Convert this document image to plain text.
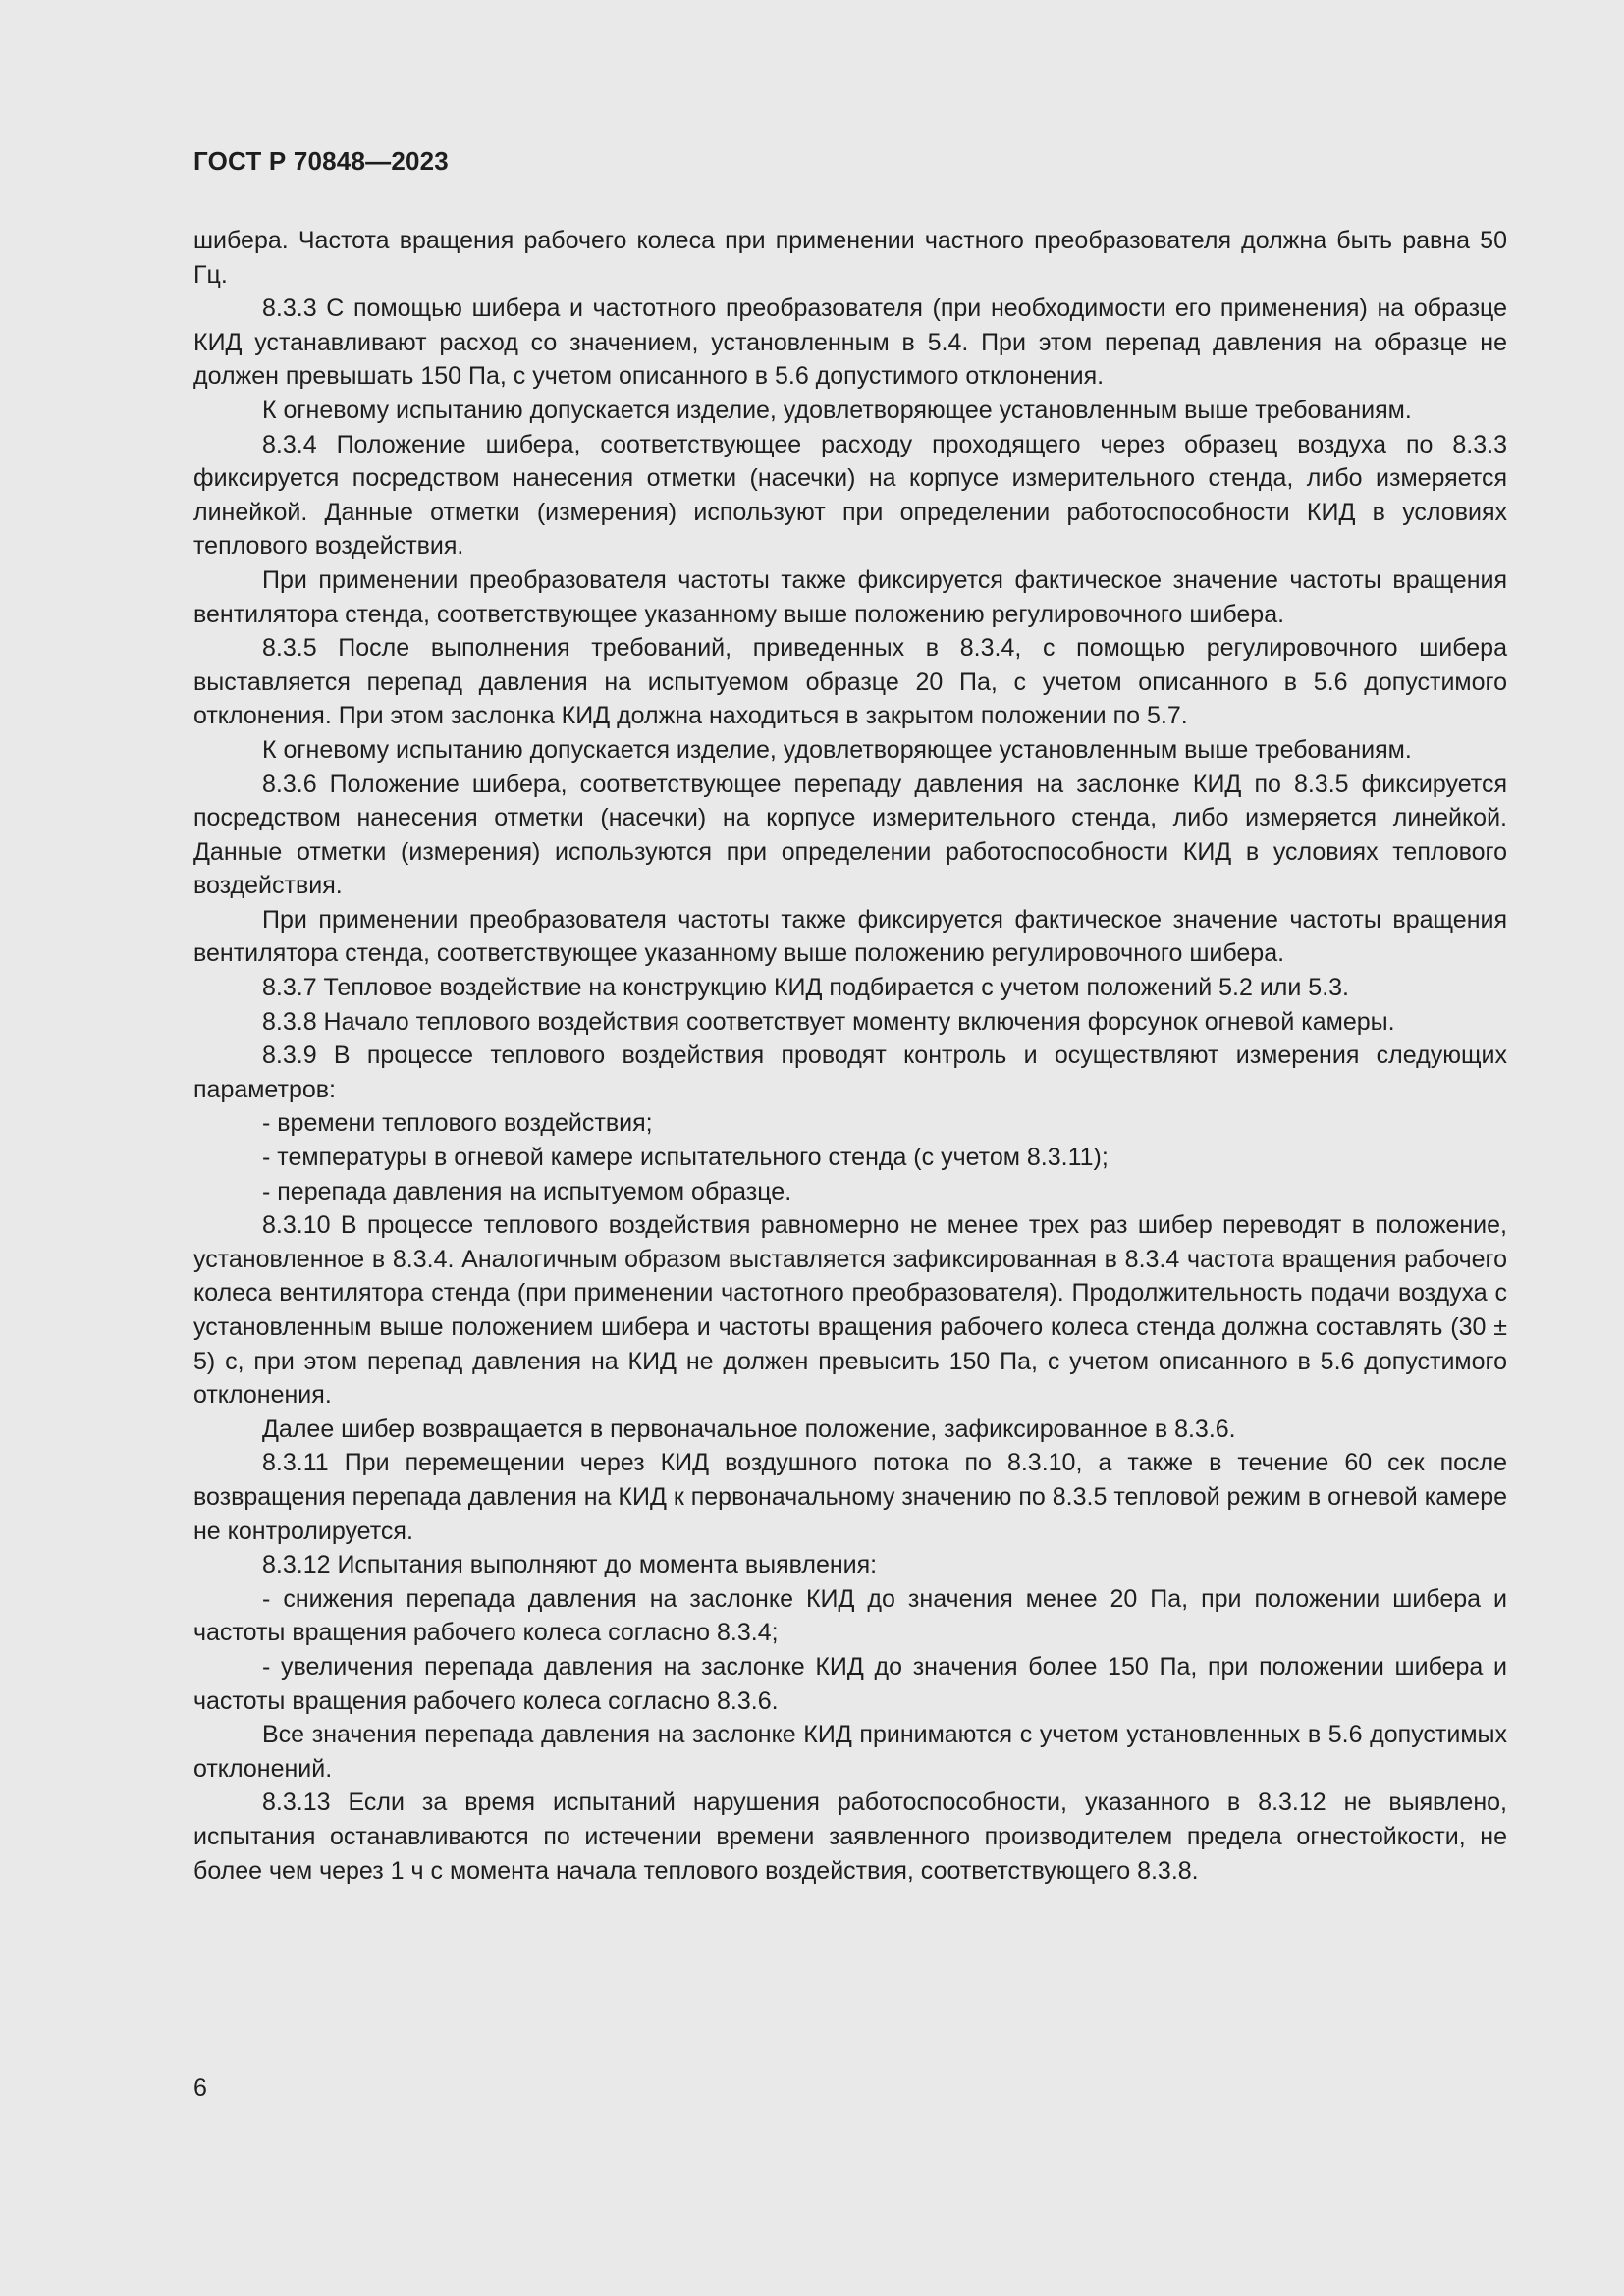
ГОСТ Р 70848—2023

шибера. Частота вращения рабочего колеса при применении частного преобразователя должна быть равна 50 Гц.

8.3.3 С помощью шибера и частотного преобразователя (при необходимости его применения) на образце КИД устанавливают расход со значением, установленным в 5.4. При этом перепад давления на образце не должен превышать 150 Па, с учетом описанного в 5.6 допустимого отклонения.

К огневому испытанию допускается изделие, удовлетворяющее установленным выше требованиям.

8.3.4 Положение шибера, соответствующее расходу проходящего через образец воздуха по 8.3.3 фиксируется посредством нанесения отметки (насечки) на корпусе измерительного стенда, либо измеряется линейкой. Данные отметки (измерения) используют при определении работоспособности КИД в условиях теплового воздействия.

При применении преобразователя частоты также фиксируется фактическое значение частоты вращения вентилятора стенда, соответствующее указанному выше положению регулировочного шибера.

8.3.5 После выполнения требований, приведенных в 8.3.4, с помощью регулировочного шибера выставляется перепад давления на испытуемом образце 20 Па, с учетом описанного в 5.6 допустимого отклонения. При этом заслонка КИД должна находиться в закрытом положении по 5.7.

К огневому испытанию допускается изделие, удовлетворяющее установленным выше требованиям.

8.3.6 Положение шибера, соответствующее перепаду давления на заслонке КИД по 8.3.5 фиксируется посредством нанесения отметки (насечки) на корпусе измерительного стенда, либо измеряется линейкой. Данные отметки (измерения) используются при определении работоспособности КИД в условиях теплового воздействия.

При применении преобразователя частоты также фиксируется фактическое значение частоты вращения вентилятора стенда, соответствующее указанному выше положению регулировочного шибера.

8.3.7 Тепловое воздействие на конструкцию КИД подбирается с учетом положений 5.2 или 5.3.

8.3.8 Начало теплового воздействия соответствует моменту включения форсунок огневой камеры.

8.3.9 В процессе теплового воздействия проводят контроль и осуществляют измерения следующих параметров:

- времени теплового воздействия;

- температуры в огневой камере испытательного стенда (с учетом 8.3.11);

- перепада давления на испытуемом образце.

8.3.10 В процессе теплового воздействия равномерно не менее трех раз шибер переводят в положение, установленное в 8.3.4. Аналогичным образом выставляется зафиксированная в 8.3.4 частота вращения рабочего колеса вентилятора стенда (при применении частотного преобразователя). Продолжительность подачи воздуха с установленным выше положением шибера и частоты вращения рабочего колеса стенда должна составлять (30 ± 5) с, при этом перепад давления на КИД не должен превысить 150 Па, с учетом описанного в 5.6 допустимого отклонения.

Далее шибер возвращается в первоначальное положение, зафиксированное в 8.3.6.

8.3.11 При перемещении через КИД воздушного потока по 8.3.10, а также в течение 60 сек после возвращения перепада давления на КИД к первоначальному значению по 8.3.5 тепловой режим в огневой камере не контролируется.

8.3.12 Испытания выполняют до момента выявления:

- снижения перепада давления на заслонке КИД до значения менее 20 Па, при положении шибера и частоты вращения рабочего колеса согласно 8.3.4;

- увеличения перепада давления на заслонке КИД до значения более 150 Па, при положении шибера и частоты вращения рабочего колеса согласно 8.3.6.

Все значения перепада давления на заслонке КИД принимаются с учетом установленных в 5.6 допустимых отклонений.

8.3.13 Если за время испытаний нарушения работоспособности, указанного в 8.3.12 не выявлено, испытания останавливаются по истечении времени заявленного производителем предела огнестойкости, не более чем через 1 ч с момента начала теплового воздействия, соответствующего 8.3.8.

6
